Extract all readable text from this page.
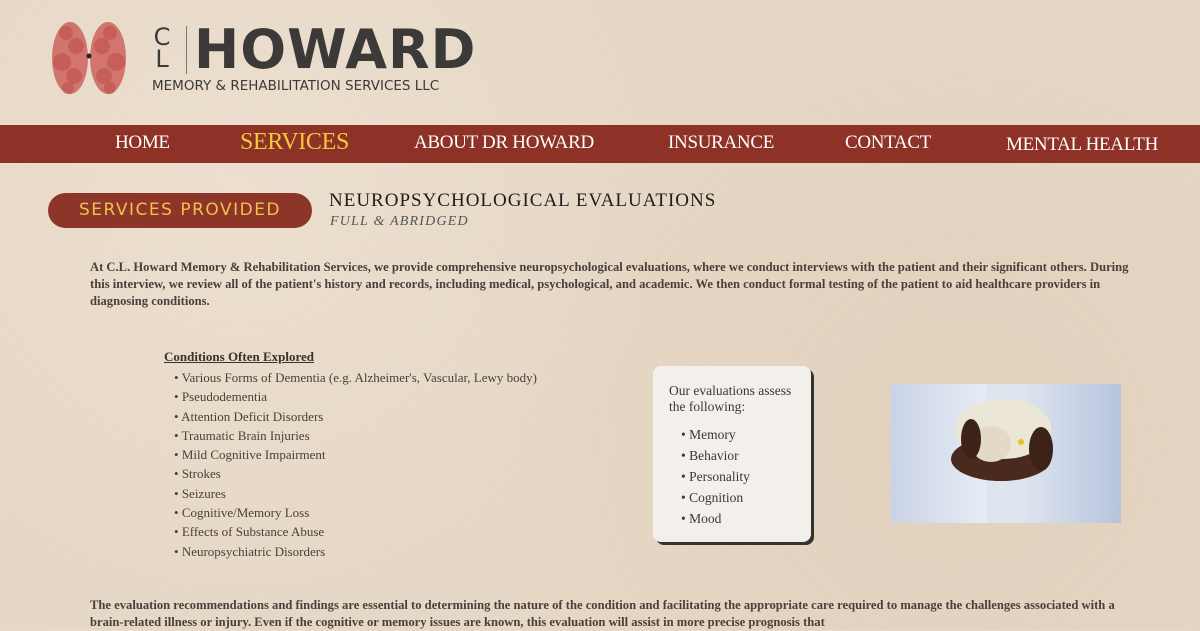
C
L HOWARD
MEMORY & REHABILITATION SERVICES LLC
HOME	SERVICES	ABOUT DR HOWARD	INSURANCE	CONTACT	MENTAL HEALTH
SERVICES PROVIDED	NEUROPSYCHOLOGICAL EVALUATIONS
FULL & ABRIDGED

At C.L. Howard Memory & Rehabilitation Services, we provide comprehensive neuropsychological evaluations, where we conduct interviews with the patient and their significant others. During this interview, we review all of the patient's history and records, including medical, psychological, and academic. We then conduct formal testing of the patient to aid healthcare providers in diagnosing conditions.

Conditions Often Explored
• Various Forms of Dementia (e.g. Alzheimer's, Vascular, Lewy body)
• Pseudodementia
• Attention Deficit Disorders
• Traumatic Brain Injuries
• Mild Cognitive Impairment
• Strokes
• Seizures
• Cognitive/Memory Loss
• Effects of Substance Abuse
• Neuropsychiatric Disorders

Our evaluations assess the following:

• Memory
• Behavior
• Personality
• Cognition
• Mood

The evaluation recommendations and findings are essential to determining the nature of the condition and facilitating the appropriate care required to manage the challenges associated with a brain-related illness or injury. Even if the cognitive or memory issues are known, this evaluation will assist in more precise prognosis that
